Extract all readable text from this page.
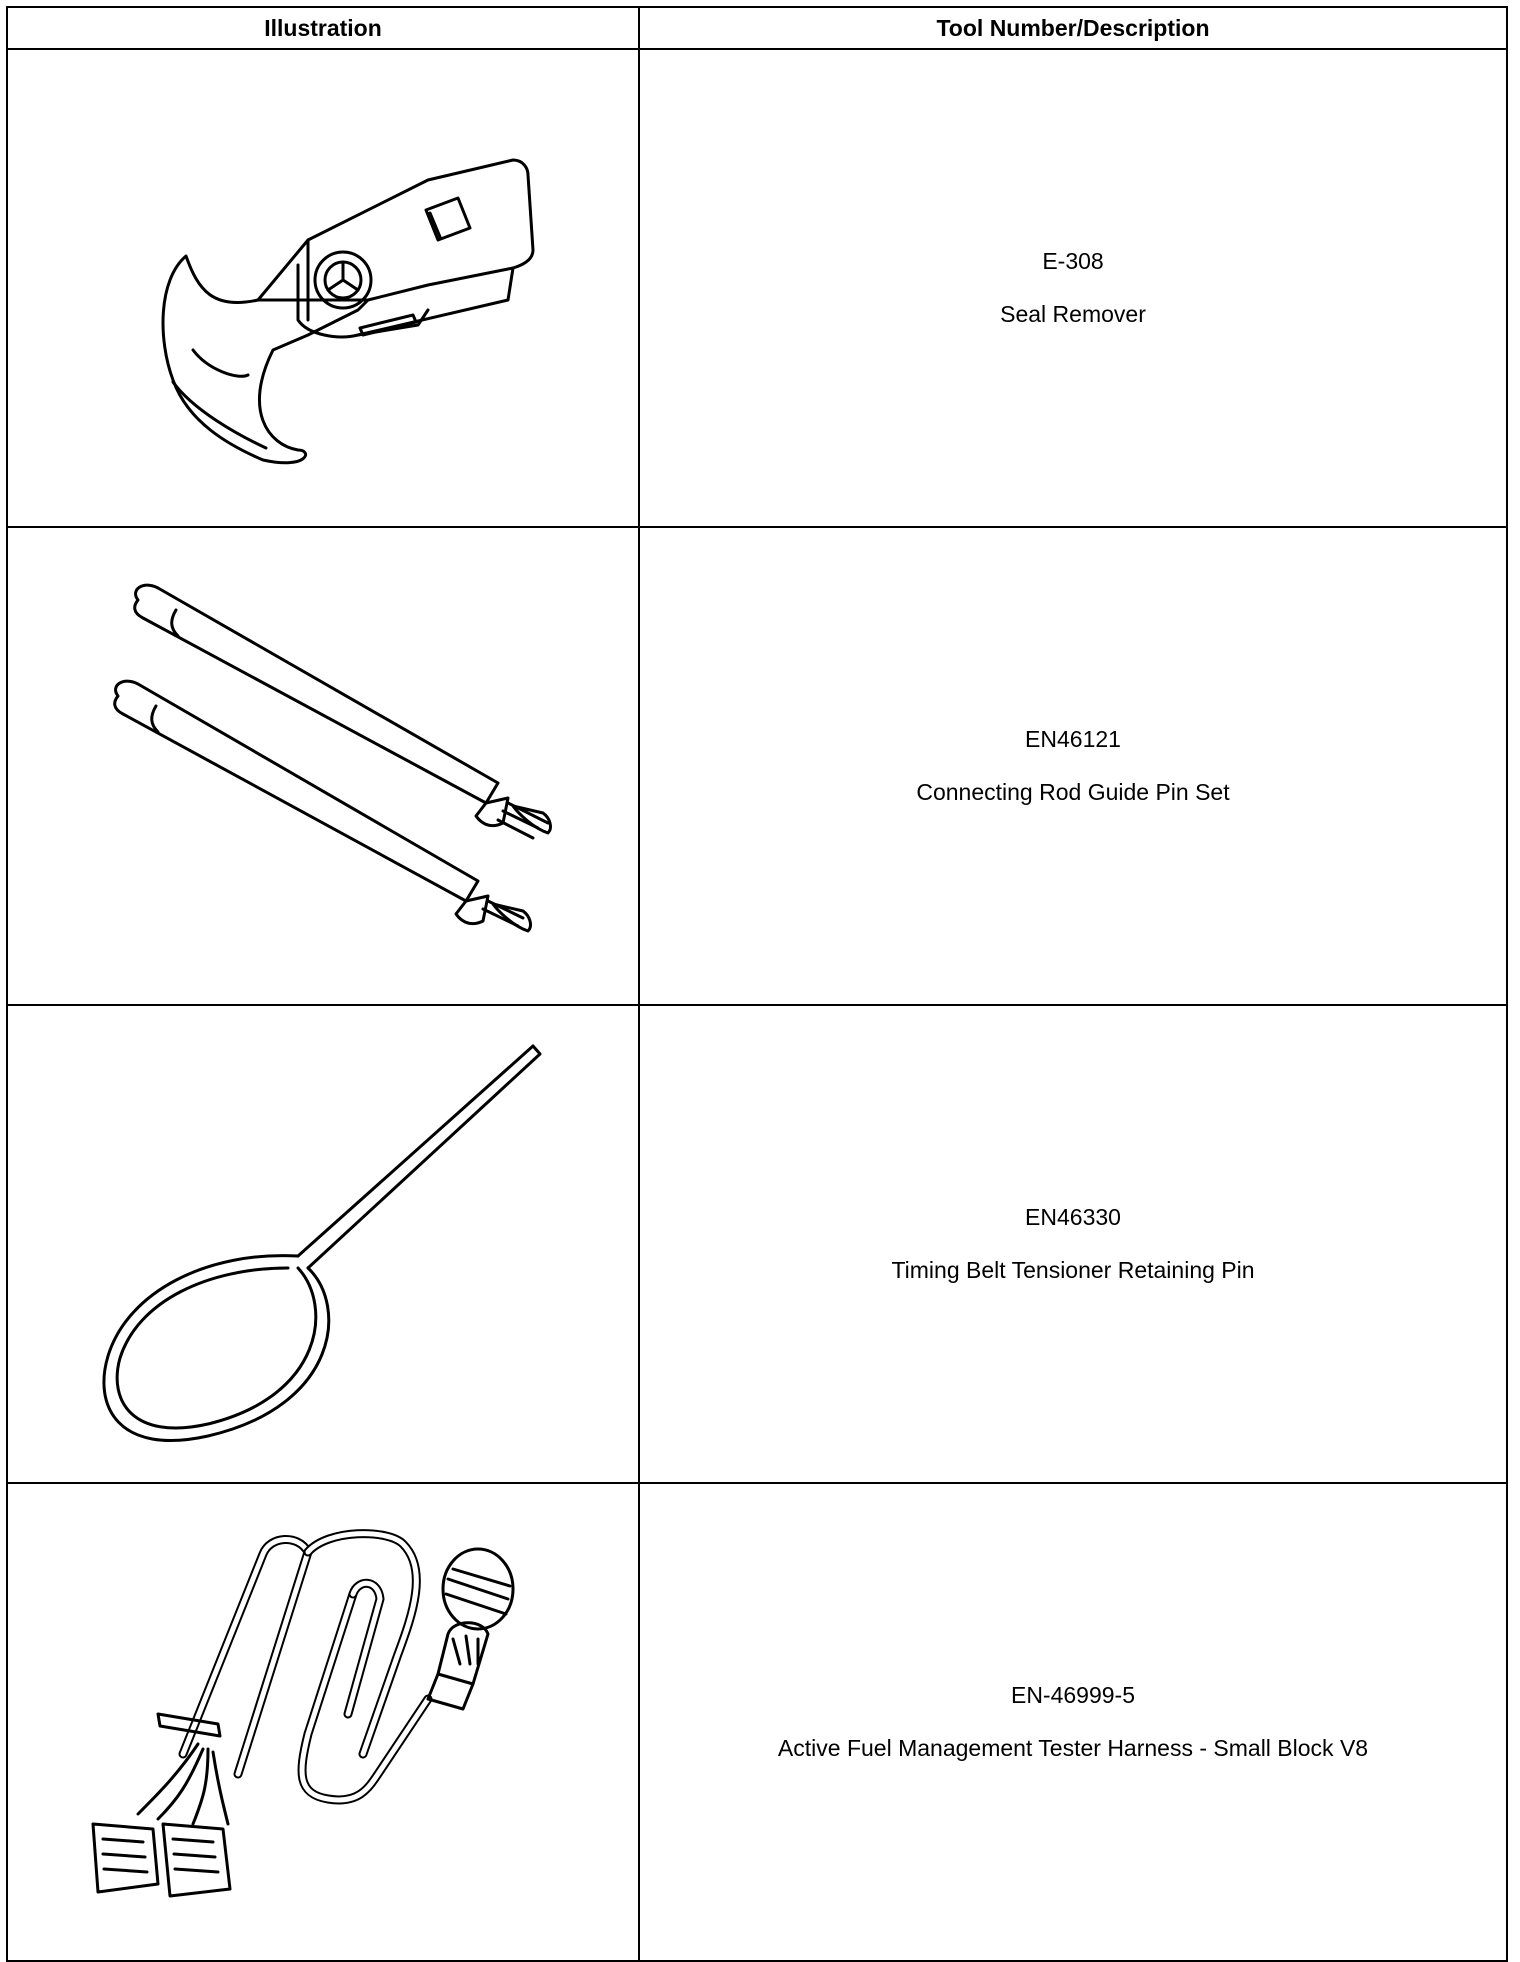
Illustration	Tool Number/Description

E-308
Seal Remover

EN46121
Connecting Rod Guide Pin Set

EN46330
Timing Belt Tensioner Retaining Pin

EN-46999-5
Active Fuel Management Tester Harness - Small Block V8
